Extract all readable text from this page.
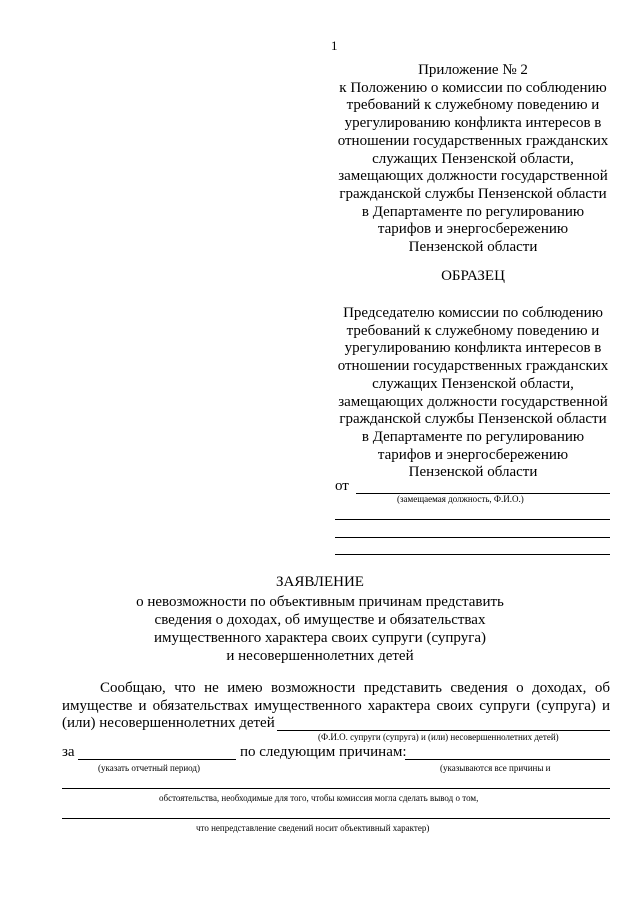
1
Приложение № 2
к Положению о комиссии по соблюдению
требований к служебному поведению и
урегулированию конфликта интересов в
отношении государственных гражданских
служащих Пензенской области,
замещающих должности государственной
гражданской службы Пензенской области
в Департаменте по регулированию
тарифов и энергосбережению
Пензенской области
ОБРАЗЕЦ
Председателю комиссии по соблюдению
требований к служебному поведению и
урегулированию конфликта интересов в
отношении государственных гражданских
служащих Пензенской области,
замещающих должности государственной
гражданской службы Пензенской области
в Департаменте по регулированию
тарифов и энергосбережению
Пензенской области
от
(замещаемая должность, Ф.И.О.)
ЗАЯВЛЕНИЕ
о невозможности по объективным причинам представить
сведения о доходах, об имуществе и обязательствах
имущественного характера своих супруги (супруга)
и несовершеннолетних детей
Сообщаю, что не имею возможности представить сведения о доходах, об
имуществе и обязательствах имущественного характера своих супруги (супруга) и
(или) несовершеннолетних детей
(Ф.И.О. супруги (супруга) и (или) несовершеннолетних детей)
за	по следующим причинам:
(указать отчетный период)	(указываются все причины и
обстоятельства, необходимые для того, чтобы комиссия могла сделать вывод о том,
что непредставление сведений носит объективный характер)
